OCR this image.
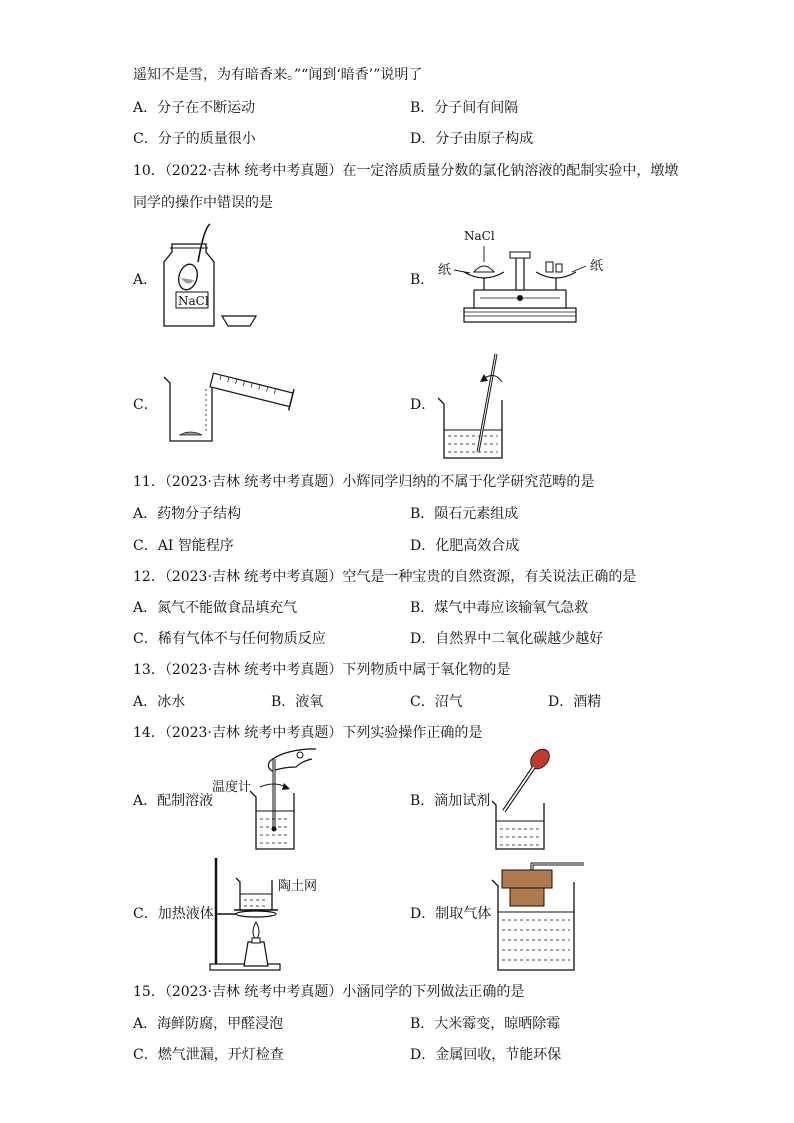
遥知不是雪，为有暗香来。”“闻到‘暗香’”说明了
A．分子在不断运动	B．分子间有间隔
C．分子的质量很小	D．分子由原子构成
10．（2022·吉林 统考中考真题）在一定溶质质量分数的氯化钠溶液的配制实验中，墩墩
同学的操作中错误的是
A．
NaCl
B．
NaCl
纸	纸
C．	D．
11．（2023·吉林 统考中考真题）小辉同学归纳的不属于化学研究范畴的是
A．药物分子结构	B．陨石元素组成
C．AI 智能程序	D．化肥高效合成
12．（2023·吉林 统考中考真题）空气是一种宝贵的自然资源，有关说法正确的是
A．氮气不能做食品填充气	B．煤气中毒应该输氧气急救
C．稀有气体不与任何物质反应	D．自然界中二氧化碳越少越好
13．（2023·吉林 统考中考真题）下列物质中属于氧化物的是
A．冰水	B．液氧	C．沼气	D．酒精
14．（2023·吉林 统考中考真题）下列实验操作正确的是
A．配制溶液
温度计
B．滴加试剂
C．加热液体
陶土网
D．制取气体
15．（2023·吉林 统考中考真题）小涵同学的下列做法正确的是
A．海鲜防腐，甲醛浸泡	B．大米霉变，晾晒除霉
C．燃气泄漏，开灯检查	D．金属回收，节能环保
